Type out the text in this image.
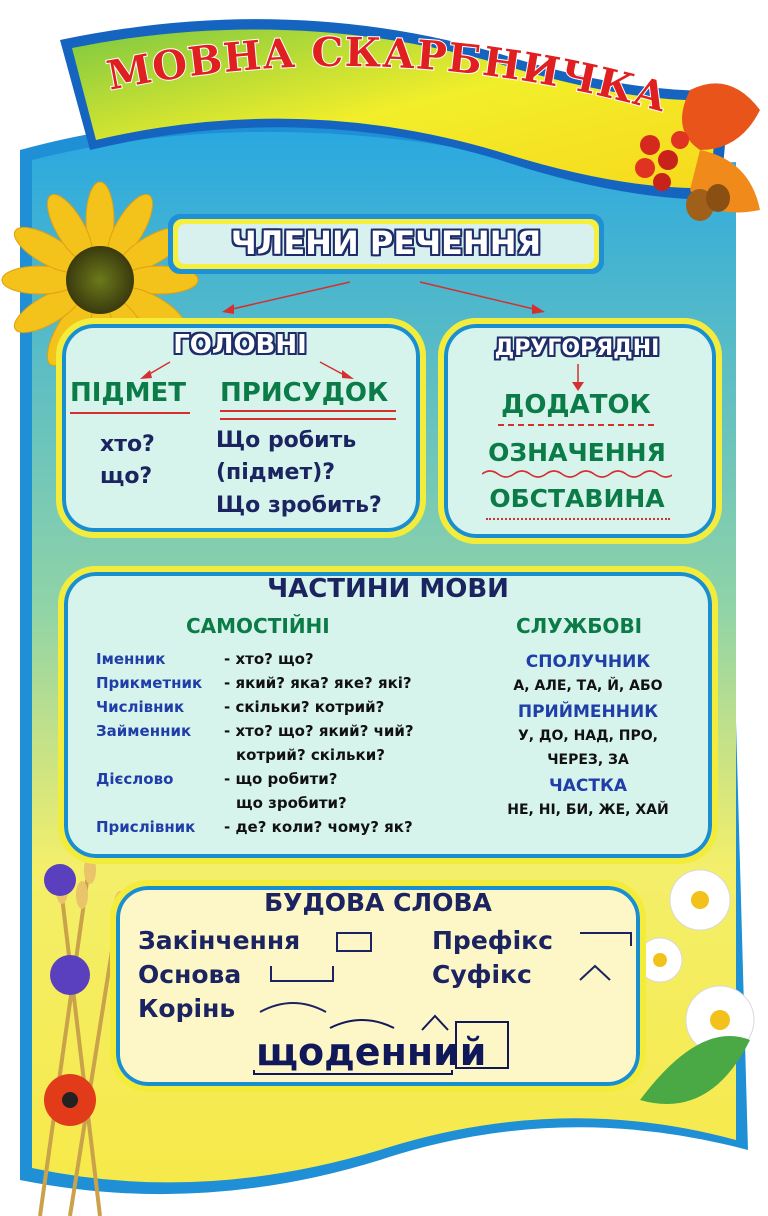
МОВНА СКАРБНИЧКА
ЧЛЕНИ РЕЧЕННЯ
ГОЛОВНІ
ПІДМЕТ ПРИСУДОК
хто?
що?
Що робить
(підмет)?
Що зробить?
ДРУГОРЯДНІ
ДОДАТОК
ОЗНАЧЕННЯ
ОБСТАВИНА
ЧАСТИНИ МОВИ
САМОСТІЙНІ	СЛУЖБОВІ
Іменник	- хто? що?
Прикметник - який? яка? яке? які?
Числівник	- скільки? котрий?
Займенник - хто? що? який? чий?
котрий? скільки?
Дієслово	- що робити?
що зробити?
Прислівник - де? коли? чому? як?
СПОЛУЧНИК
А, АЛЕ, ТА, Й, АБО
ПРИЙМЕННИК
У, ДО, НАД, ПРО,
ЧЕРЕЗ, ЗА
ЧАСТКА
НЕ, НІ, БИ, ЖЕ, ХАЙ
БУДОВА СЛОВА
Закінчення	Префікс
Основа	Суфікс
Корінь
щоденний
